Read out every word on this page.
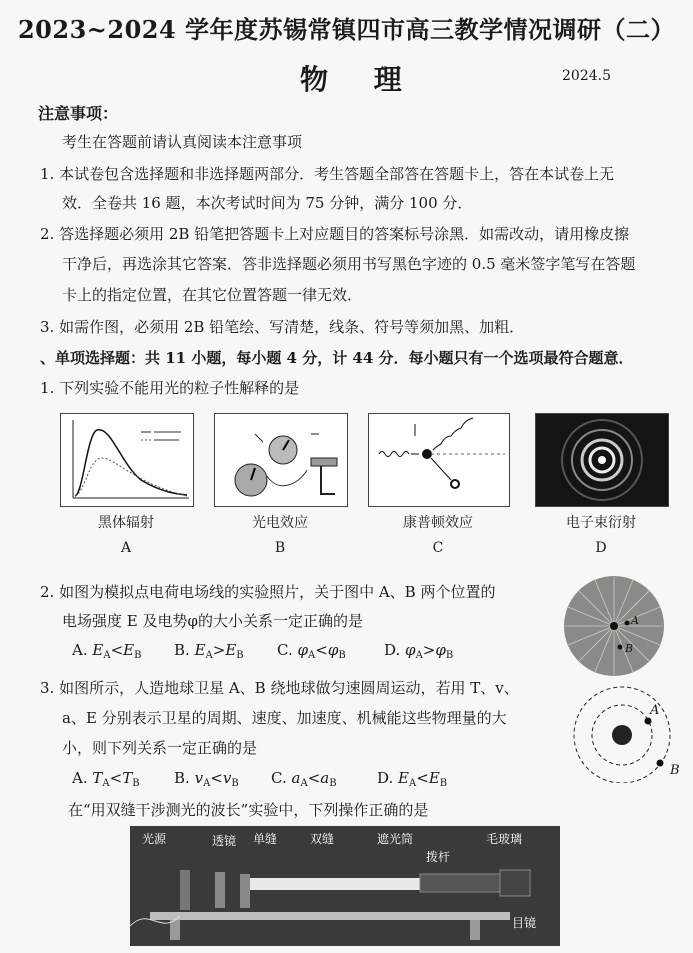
2023~2024 学年度苏锡常镇四市高三教学情况调研（二）
物 理	2024.5
注意事项：
考生在答题前请认真阅读本注意事项
1. 本试卷包含选择题和非选择题两部分．考生答题全部答在答题卡上，答在本试卷上无
效．全卷共 16 题，本次考试时间为 75 分钟，满分 100 分．
2. 答选择题必须用 2B 铅笔把答题卡上对应题目的答案标号涂黑．如需改动，请用橡皮擦
干净后，再选涂其它答案．答非选择题必须用书写黑色字迹的 0.5 毫米签字笔写在答题
卡上的指定位置，在其它位置答题一律无效．
3. 如需作图，必须用 2B 铅笔绘、写清楚，线条、符号等须加黑、加粗．
、单项选择题：共 11 小题，每小题 4 分，计 44 分．每小题只有一个选项最符合题意．
1. 下列实验不能用光的粒子性解释的是
黑体辐射	光电效应	康普顿效应	电子束衍射
A	B	C	D
2. 如图为模拟点电荷电场线的实验照片，关于图中 A、B 两个位置的
电场强度 E 及电势φ的大小关系一定正确的是
A. $E_A<E_B$ B. $E_A>E_B$ C. $\varphi_A<\varphi_B$	D. $\varphi_A>\varphi_B$
A
B
3. 如图所示，人造地球卫星 A、B 绕地球做匀速圆周运动，若用 T、v、
a、E 分别表示卫星的周期、速度、加速度、机械能这些物理量的大
小，则下列关系一定正确的是
A. $T_A<T_B$ B. $v_A<v_B$ C. $a_A<a_B$	D. $E_A<E_B$
A
B
在“用双缝干涉测光的波长”实验中，下列操作正确的是
光源	透镜 单缝	双缝	遮光筒
拨杆
毛玻璃
目镜
